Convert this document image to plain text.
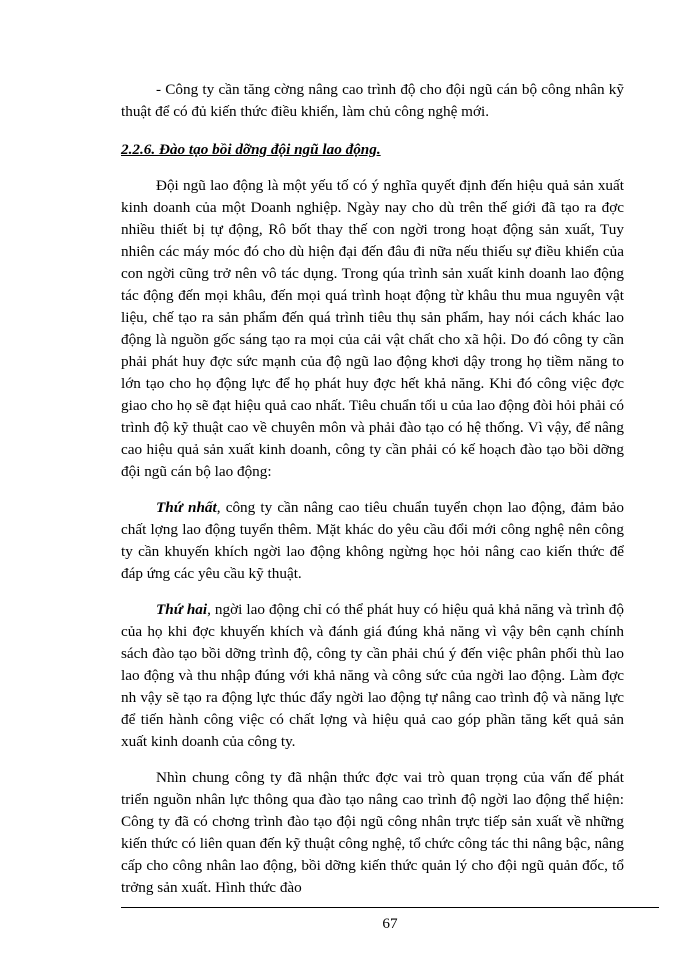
- Công ty cần tăng cờng nâng cao trình độ cho đội ngũ cán bộ công nhân kỹ thuật để có đủ kiến thức điều khiển, làm chủ công nghệ mới.

2.2.6. Đào tạo bồi dỡng đội ngũ lao động.

Đội ngũ lao động là một yếu tố có ý nghĩa quyết định đến hiệu quả sản xuất kinh doanh của một Doanh nghiệp. Ngày nay cho dù trên thế giới đã tạo ra đợc nhiều thiết bị tự động, Rô bốt thay thế con ngời trong hoạt động sản xuất, Tuy nhiên các máy móc đó cho dù hiện đại đến đâu đi nữa nếu thiếu sự điều khiển của con ngời cũng trở nên vô tác dụng. Trong qúa trình sản xuất kinh doanh lao động tác động đến mọi khâu, đến mọi quá trình hoạt động từ khâu thu mua nguyên vật liệu, chế tạo ra sản phẩm đến quá trình tiêu thụ sản phẩm, hay nói cách khác lao động là nguồn gốc sáng tạo ra mọi của cải vật chất cho xã hội. Do đó công ty cần phải phát huy đợc sức mạnh của độ ngũ lao động khơi dậy trong họ tiềm năng to lớn tạo cho họ động lực để họ phát huy đợc hết khả năng. Khi đó công việc đợc giao cho họ sẽ đạt hiệu quả cao nhất. Tiêu chuẩn tối u của lao động đòi hỏi phải có trình độ kỹ thuật cao về chuyên môn và phải đào tạo có hệ thống. Vì vậy, để nâng cao hiệu quả sản xuất kinh doanh, công ty cần phải có kế hoạch đào tạo bồi dỡng đội ngũ cán bộ lao động:

Thứ nhất, công ty cần nâng cao tiêu chuẩn tuyển chọn lao động, đảm bảo chất lợng lao động tuyển thêm. Mặt khác do yêu cầu đổi mới công nghệ nên công ty cần khuyến khích ngời lao động không ngừng học hỏi nâng cao kiến thức để đáp ứng các yêu cầu kỹ thuật.

Thứ hai, ngời lao động chỉ có thể phát huy có hiệu quả khả năng và trình độ của họ khi đợc khuyến khích và đánh giá đúng khả năng vì vậy bên cạnh chính sách đào tạo bồi dỡng trình độ, công ty cần phải chú ý đến việc phân phối thù lao lao động và thu nhập đúng với khả năng và công sức của ngời lao động. Làm đợc nh vậy sẽ tạo ra động lực thúc đẩy ngời lao động tự nâng cao trình độ và năng lực để tiến hành công việc có chất lợng và hiệu quả cao góp phần tăng kết quả sản xuất kinh doanh của công ty.

Nhìn chung công ty đã nhận thức đợc vai trò quan trọng của vấn đế phát triển nguồn nhân lực thông qua đào tạo nâng cao trình độ ngời lao động thể hiện: Công ty đã có chơng trình đào tạo đội ngũ công nhân trực tiếp sản xuất về những kiến thức có liên quan đến kỹ thuật công nghệ, tổ chức công tác thi nâng bậc, nâng cấp cho công nhân lao động, bồi dỡng kiến thức quản lý cho đội ngũ quản đốc, tổ trởng sản xuất. Hình thức đào

67
